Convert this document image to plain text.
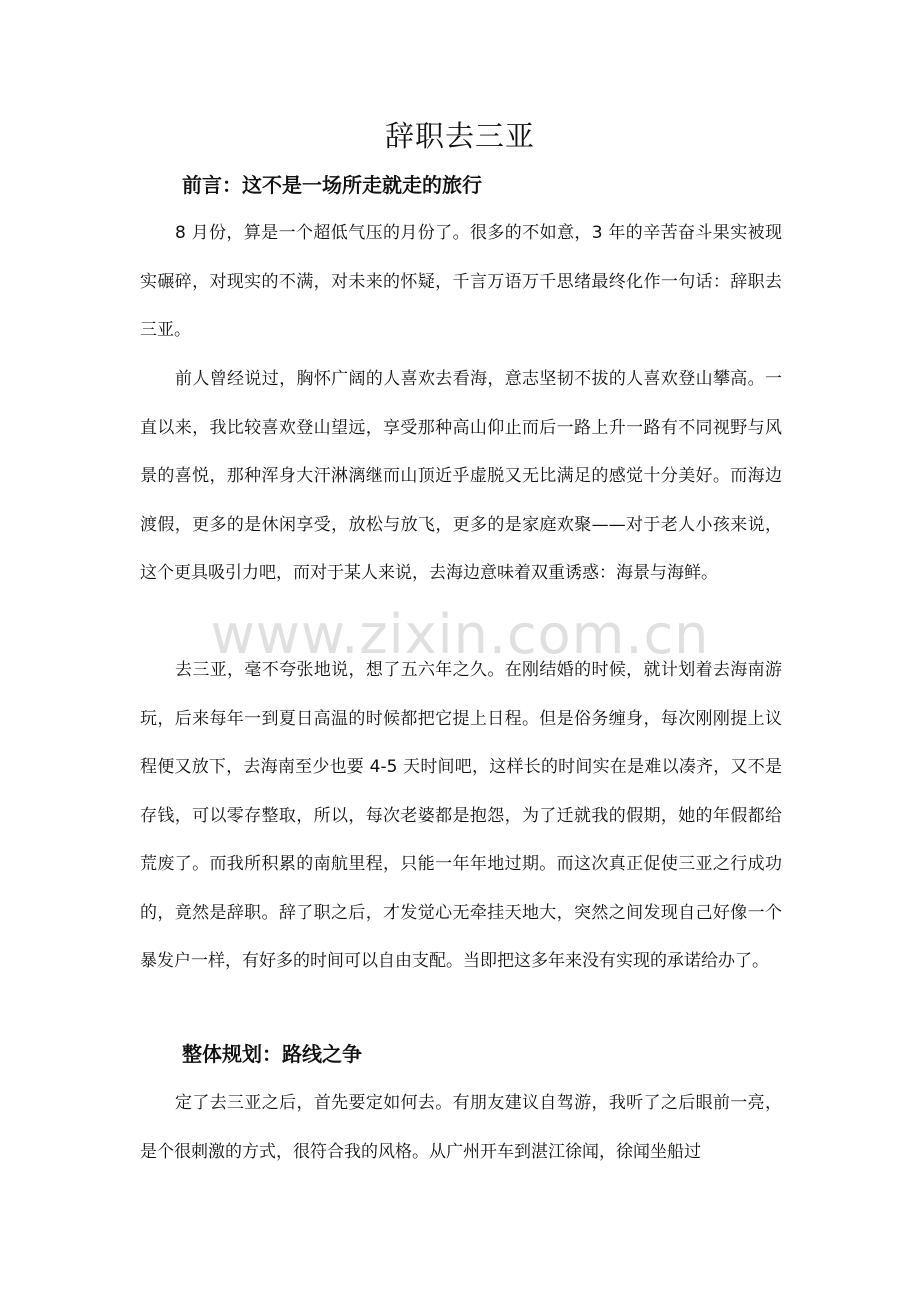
辞职去三亚
前言：这不是一场所走就走的旅行

8 月份，算是一个超低气压的月份了。很多的不如意，3 年的辛苦奋斗果实被现实碾碎，对现实的不满，对未来的怀疑，千言万语万千思绪最终化作一句话：辞职去三亚。

前人曾经说过，胸怀广阔的人喜欢去看海，意志坚韧不拔的人喜欢登山攀高。一直以来，我比较喜欢登山望远，享受那种高山仰止而后一路上升一路有不同视野与风景的喜悦，那种浑身大汗淋漓继而山顶近乎虚脱又无比满足的感觉十分美好。而海边渡假，更多的是休闲享受，放松与放飞，更多的是家庭欢聚——对于老人小孩来说，这个更具吸引力吧，而对于某人来说，去海边意味着双重诱惑：海景与海鲜。

去三亚，毫不夸张地说，想了五六年之久。在刚结婚的时候，就计划着去海南游玩，后来每年一到夏日高温的时候都把它提上日程。但是俗务缠身，每次刚刚提上议程便又放下，去海南至少也要 4-5 天时间吧，这样长的时间实在是难以凑齐，又不是存钱，可以零存整取，所以，每次老婆都是抱怨，为了迁就我的假期，她的年假都给荒废了。而我所积累的南航里程，只能一年年地过期。而这次真正促使三亚之行成功的，竟然是辞职。辞了职之后，才发觉心无牵挂天地大，突然之间发现自己好像一个暴发户一样，有好多的时间可以自由支配。当即把这多年来没有实现的承诺给办了。

整体规划：路线之争

定了去三亚之后，首先要定如何去。有朋友建议自驾游，我听了之后眼前一亮，是个很刺激的方式，很符合我的风格。从广州开车到湛江徐闻，徐闻坐船过

www.zixin.com.cn
